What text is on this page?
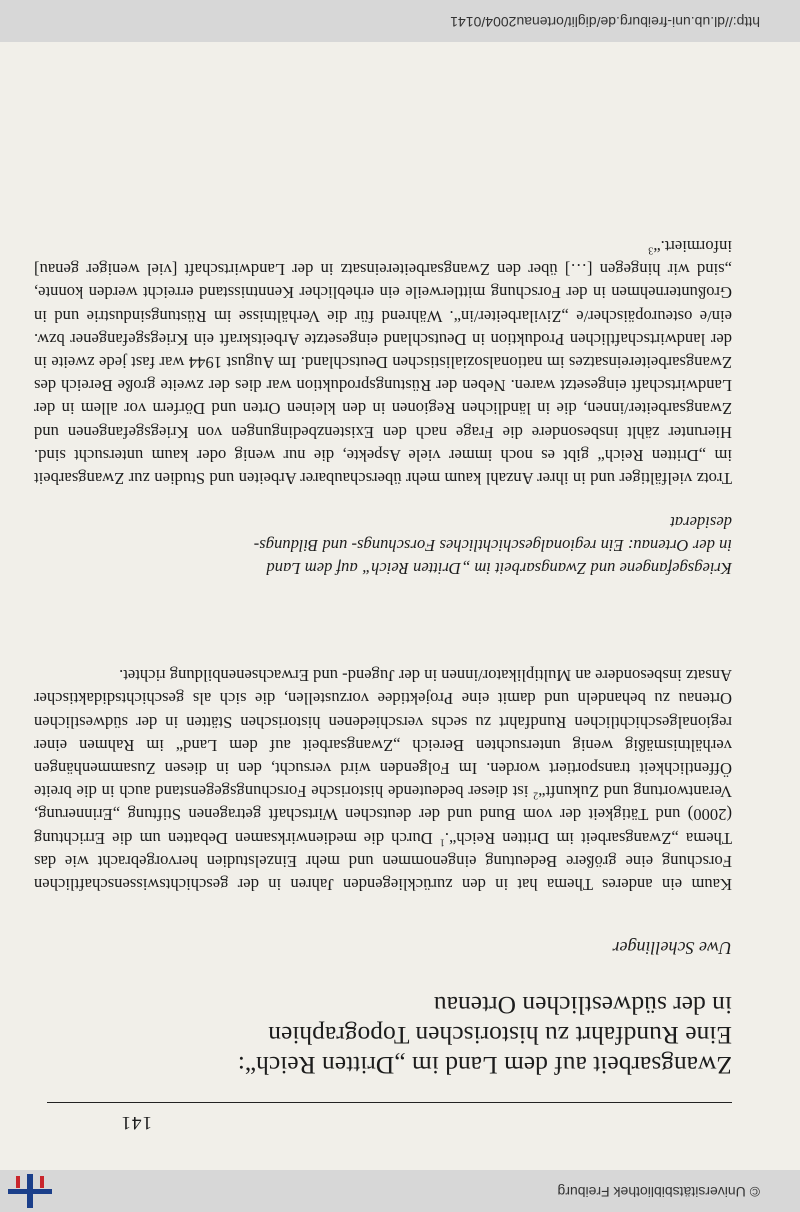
© Universitätsbibliothek Freiburg
141
Zwangsarbeit auf dem Land im „Dritten Reich“:
Eine Rundfahrt zu historischen Topographien
in der südwestlichen Ortenau
Uwe Schellinger

Kaum ein anderes Thema hat in den zurückliegenden Jahren in der geschichtswissenschaftlichen Forschung eine größere Bedeutung eingenommen und mehr Einzelstudien hervorgebracht wie das Thema „Zwangsarbeit im Dritten Reich“.$^1$ Durch die medienwirksamen Debatten um die Errichtung (2000) und Tätigkeit der vom Bund und der deutschen Wirtschaft getragenen Stiftung „Erinnerung, Verantwortung und Zukunft“$^2$ ist dieser bedeutende historische Forschungsgegenstand auch in die breite Öffentlichkeit transportiert worden. Im Folgenden wird versucht, den in diesen Zusammenhängen verhältnismäßig wenig untersuchten Bereich „Zwangsarbeit auf dem Land“ im Rahmen einer regionalgeschichtlichen Rundfahrt zu sechs verschiedenen historischen Stätten in der südwestlichen Ortenau zu behandeln und damit eine Projektidee vorzustellen, die sich als geschichtsdidaktischer Ansatz insbesondere an Multiplikator/innen in der Jugend- und Erwachsenenbildung richtet.

Kriegsgefangene und Zwangsarbeit im „Dritten Reich“ auf dem Land
in der Ortenau: Ein regionalgeschichtliches Forschungs- und Bildungs-
desiderat

Trotz vielfältiger und in ihrer Anzahl kaum mehr überschaubarer Arbeiten und Studien zur Zwangsarbeit im „Dritten Reich“ gibt es noch immer viele Aspekte, die nur wenig oder kaum untersucht sind. Hierunter zählt insbesondere die Frage nach den Existenzbedingungen von Kriegsgefangenen und Zwangsarbeiter/innen, die in ländlichen Regionen in den kleinen Orten und Dörfern vor allem in der Landwirtschaft eingesetzt waren. Neben der Rüstungsproduktion war dies der zweite große Bereich des Zwangsarbeitereinsatzes im nationalsozialistischen Deutschland. Im August 1944 war fast jede zweite in der landwirtschaftlichen Produktion in Deutschland eingesetzte Arbeitskraft ein Kriegsgefangener bzw. ein/e osteuropäischer/e „Zivilarbeiter/in“. Während für die Verhältnisse im Rüstungsindustrie und in Großunternehmen in der Forschung mittlerweile ein erheblicher Kenntnisstand erreicht werden konnte, „sind wir hingegen […] über den Zwangsarbeitereinsatz in der Landwirtschaft [viel weniger genau] informiert.“$^3$

http://dl.ub.uni-freiburg.de/diglit/ortenau2004/0141
